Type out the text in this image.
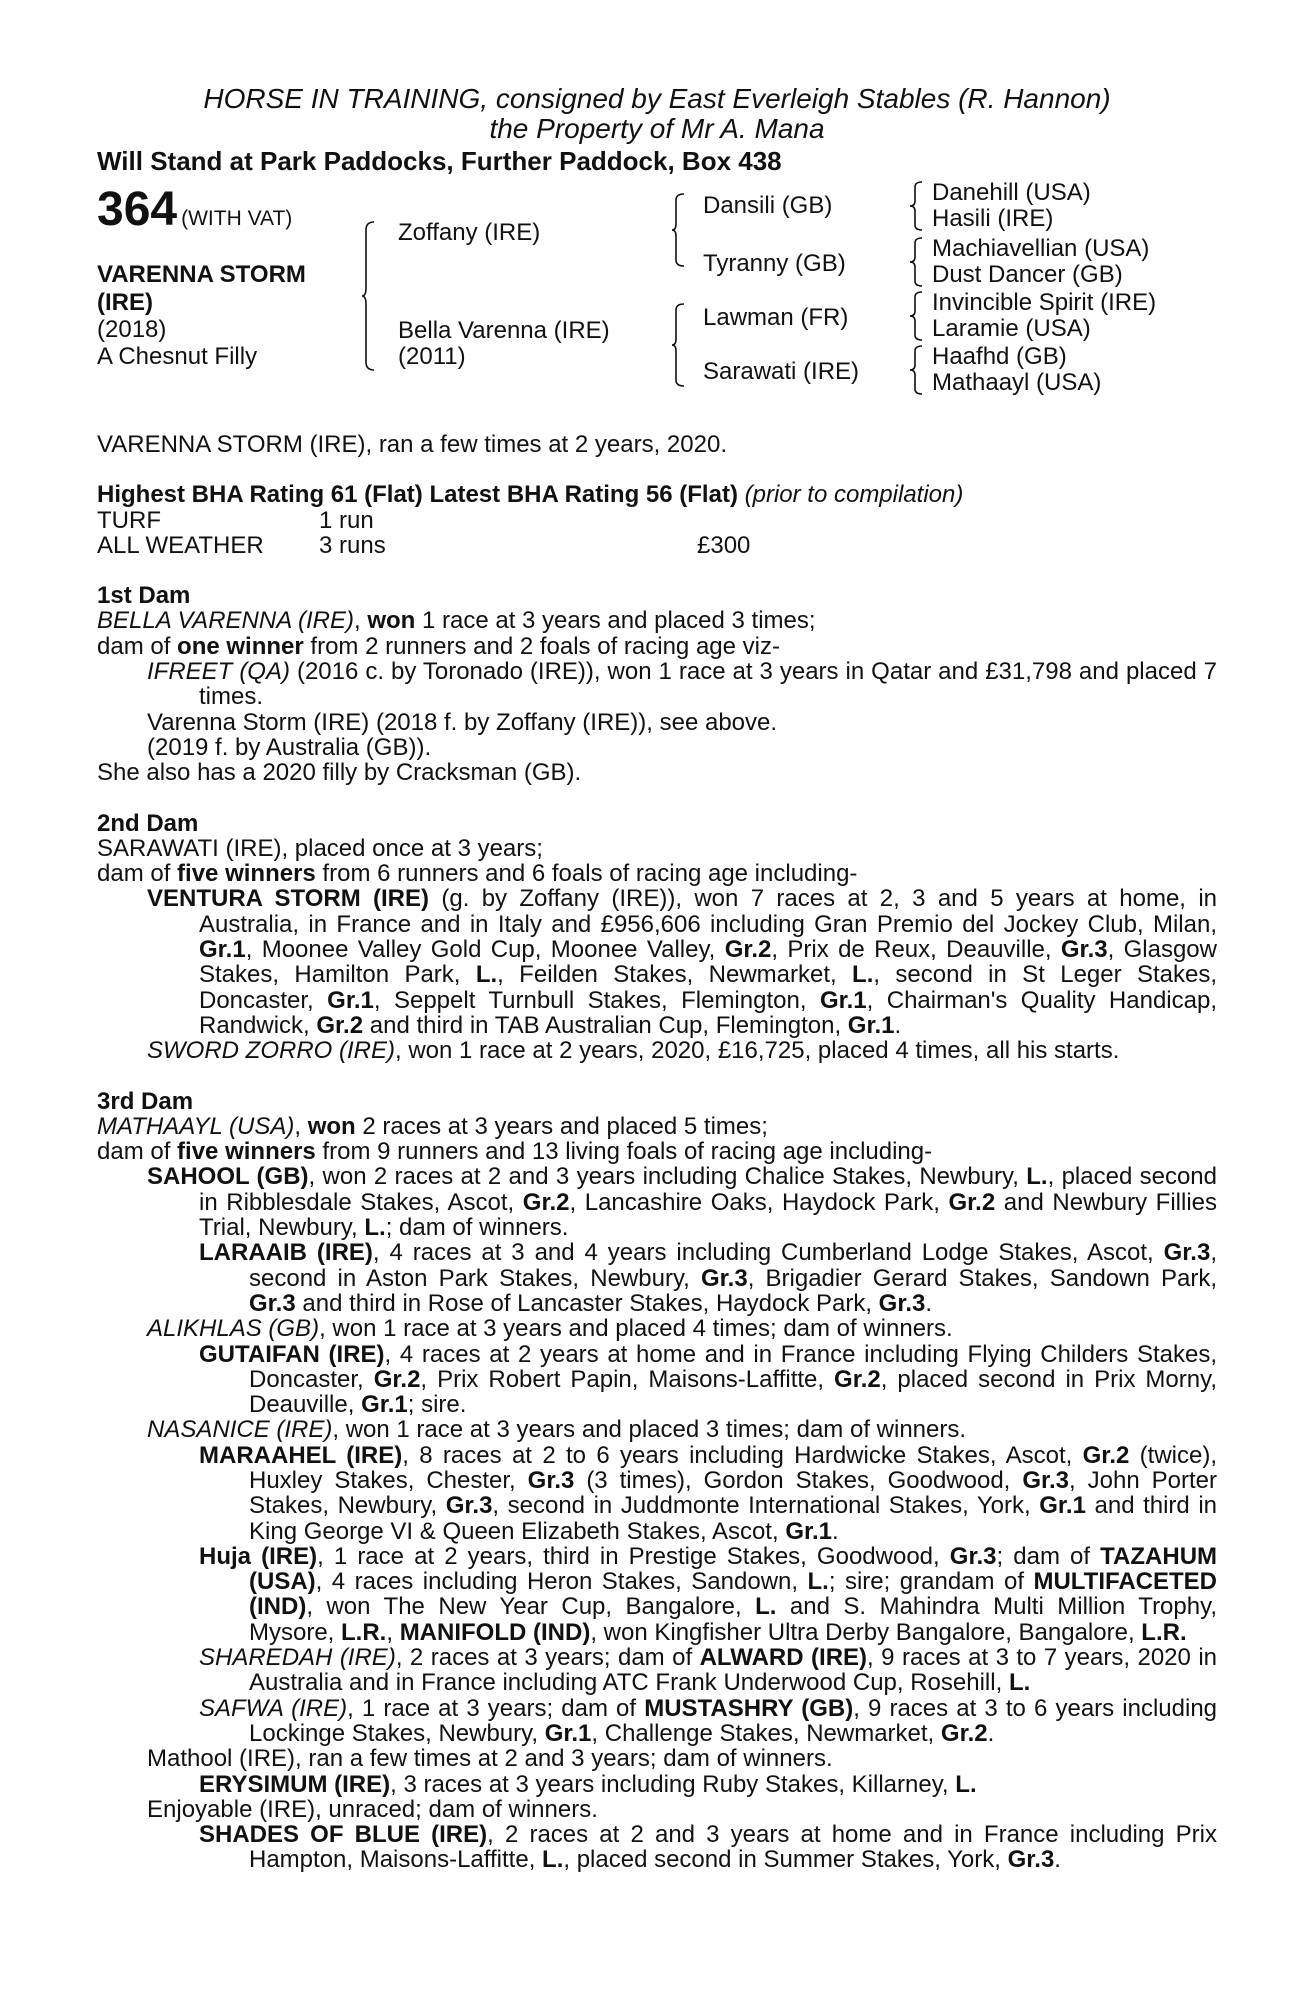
HORSE IN TRAINING, consigned by East Everleigh Stables (R. Hannon)
the Property of Mr A. Mana
Will Stand at Park Paddocks, Further Paddock, Box 438
364 (WITH VAT)
VARENNA STORM
(IRE)
(2018)
A Chesnut Filly
Zoffany (IRE)
Bella Varenna (IRE)
(2011)
Dansili (GB)
Tyranny (GB)
Lawman (FR)
Sarawati (IRE)
Danehill (USA)
Hasili (IRE)
Machiavellian (USA)
Dust Dancer (GB)
Invincible Spirit (IRE)
Laramie (USA)
Haafhd (GB)
Mathaayl (USA)

VARENNA STORM (IRE), ran a few times at 2 years, 2020.

Highest BHA Rating 61 (Flat) Latest BHA Rating 56 (Flat) (prior to compilation)

TURF	1 run

ALL WEATHER 3 runs	£300

1st Dam

BELLA VARENNA (IRE), won 1 race at 3 years and placed 3 times;

dam of one winner from 2 runners and 2 foals of racing age viz-

IFREET (QA) (2016 c. by Toronado (IRE)), won 1 race at 3 years in Qatar and £31,798 and placed 7 times.

Varenna Storm (IRE) (2018 f. by Zoffany (IRE)), see above.

(2019 f. by Australia (GB)).

She also has a 2020 filly by Cracksman (GB).

2nd Dam

SARAWATI (IRE), placed once at 3 years;

dam of five winners from 6 runners and 6 foals of racing age including-

VENTURA STORM (IRE) (g. by Zoffany (IRE)), won 7 races at 2, 3 and 5 years at home, in Australia, in France and in Italy and £956,606 including Gran Premio del Jockey Club, Milan, Gr.1, Moonee Valley Gold Cup, Moonee Valley, Gr.2, Prix de Reux, Deauville, Gr.3, Glasgow Stakes, Hamilton Park, L., Feilden Stakes, Newmarket, L., second in St Leger Stakes, Doncaster, Gr.1, Seppelt Turnbull Stakes, Flemington, Gr.1, Chairman's Quality Handicap, Randwick, Gr.2 and third in TAB Australian Cup, Flemington, Gr.1.

SWORD ZORRO (IRE), won 1 race at 2 years, 2020, £16,725, placed 4 times, all his starts.

3rd Dam

MATHAAYL (USA), won 2 races at 3 years and placed 5 times;

dam of five winners from 9 runners and 13 living foals of racing age including-

SAHOOL (GB), won 2 races at 2 and 3 years including Chalice Stakes, Newbury, L., placed second in Ribblesdale Stakes, Ascot, Gr.2, Lancashire Oaks, Haydock Park, Gr.2 and Newbury Fillies Trial, Newbury, L.; dam of winners.

LARAAIB (IRE), 4 races at 3 and 4 years including Cumberland Lodge Stakes, Ascot, Gr.3, second in Aston Park Stakes, Newbury, Gr.3, Brigadier Gerard Stakes, Sandown Park, Gr.3 and third in Rose of Lancaster Stakes, Haydock Park, Gr.3.

ALIKHLAS (GB), won 1 race at 3 years and placed 4 times; dam of winners.

GUTAIFAN (IRE), 4 races at 2 years at home and in France including Flying Childers Stakes, Doncaster, Gr.2, Prix Robert Papin, Maisons-Laffitte, Gr.2, placed second in Prix Morny, Deauville, Gr.1; sire.

NASANICE (IRE), won 1 race at 3 years and placed 3 times; dam of winners.

MARAAHEL (IRE), 8 races at 2 to 6 years including Hardwicke Stakes, Ascot, Gr.2 (twice), Huxley Stakes, Chester, Gr.3 (3 times), Gordon Stakes, Goodwood, Gr.3, John Porter Stakes, Newbury, Gr.3, second in Juddmonte International Stakes, York, Gr.1 and third in King George VI & Queen Elizabeth Stakes, Ascot, Gr.1.

Huja (IRE), 1 race at 2 years, third in Prestige Stakes, Goodwood, Gr.3; dam of TAZAHUM (USA), 4 races including Heron Stakes, Sandown, L.; sire; grandam of MULTIFACETED (IND), won The New Year Cup, Bangalore, L. and S. Mahindra Multi Million Trophy, Mysore, L.R., MANIFOLD (IND), won Kingfisher Ultra Derby Bangalore, Bangalore, L.R.

SHAREDAH (IRE), 2 races at 3 years; dam of ALWARD (IRE), 9 races at 3 to 7 years, 2020 in Australia and in France including ATC Frank Underwood Cup, Rosehill, L.

SAFWA (IRE), 1 race at 3 years; dam of MUSTASHRY (GB), 9 races at 3 to 6 years including Lockinge Stakes, Newbury, Gr.1, Challenge Stakes, Newmarket, Gr.2.

Mathool (IRE), ran a few times at 2 and 3 years; dam of winners.

ERYSIMUM (IRE), 3 races at 3 years including Ruby Stakes, Killarney, L.

Enjoyable (IRE), unraced; dam of winners.

SHADES OF BLUE (IRE), 2 races at 2 and 3 years at home and in France including Prix Hampton, Maisons-Laffitte, L., placed second in Summer Stakes, York, Gr.3.
